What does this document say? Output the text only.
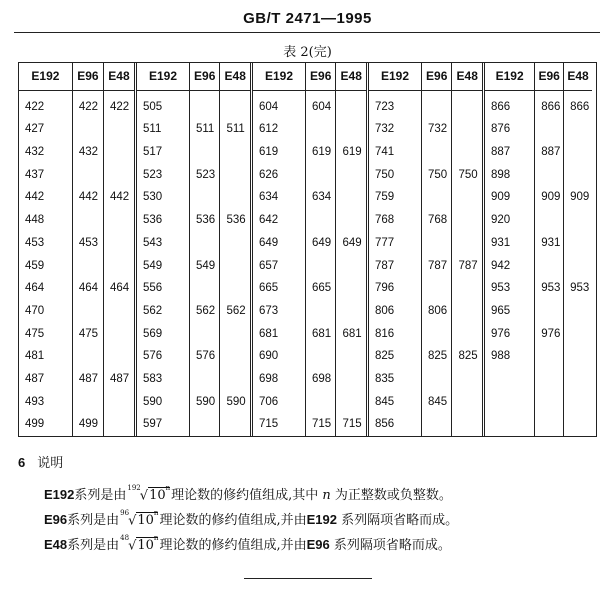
GB/T 2471—1995
表 2(完)
E192
422
427
432
437
442
448
453
459
464
470
475
481
487
493
499
E96
422
432
442
453
464
475
487
499
E48
422
442
464
487
E192
505
511
517
523
530
536
543
549
556
562
569
576
583
590
597
E96
511
523
536
549
562
576
590
E48
511
536
562
590
E192
604
612
619
626
634
642
649
657
665
673
681
690
698
706
715
E96
604
619
634
649
665
681
698
715
E48
619
649
681
715
E192
723
732
741
750
759
768
777
787
796
806
816
825
835
845
856
E96
732
750
768
787
806
825
845
E48
750
787
825
E192
866
876
887
898
909
920
931
942
953
965
976
988
E96
866
887
909
931
953
976
E48
866
909
953
6 说明
E192系列是由$^{192}$√10$^n$理论数的修约值组成,其中 n 为正整数或负整数。
E96系列是由$^{96}$√10$^n$理论数的修约值组成,并由E192 系列隔项省略而成。
E48系列是由$^{48}$√10$^n$理论数的修约值组成,并由E96 系列隔项省略而成。
